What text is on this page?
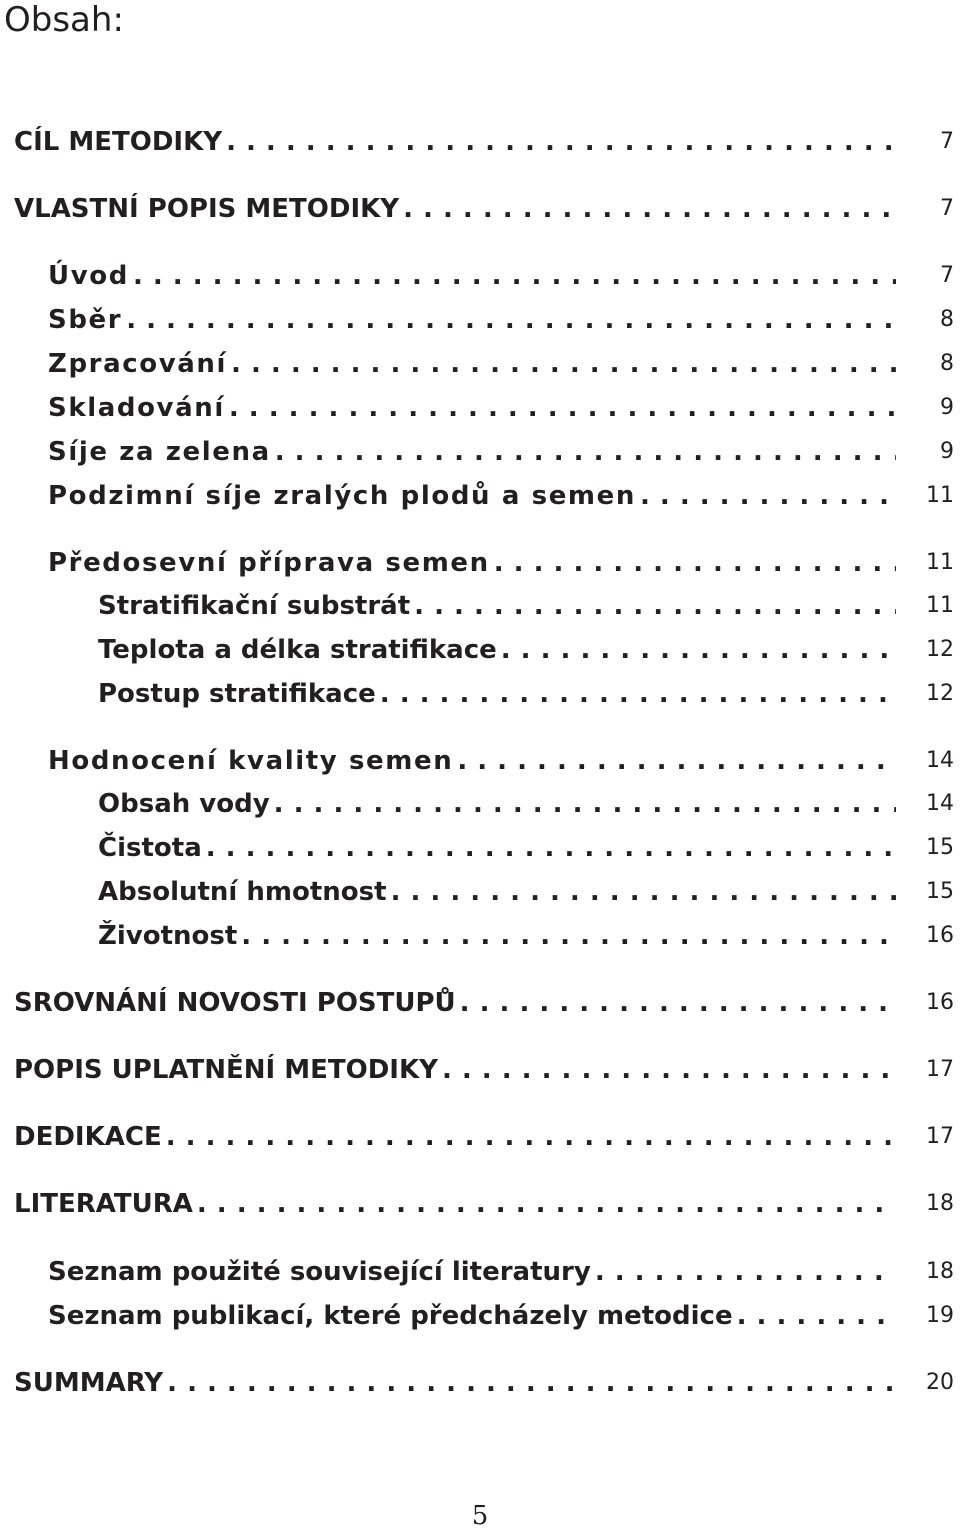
Obsah:
CÍL METODIKY . . .	7
VLASTNÍ POPIS METODIKY . . .	7
Úvod . . .	7
Sběr . . .	8
Zpracování . . .	8
Skladování . . .	9
Síje za zelena . . .	9
Podzimní síje zralých plodů a semen . . .	11
Předosevní příprava semen . . .	11
Stratifikační substrát . . .	11
Teplota a délka stratifikace . . .	12
Postup stratifikace . . .	12
Hodnocení kvality semen . . .	14
Obsah vody . . .	14
Čistota . . .	15
Absolutní hmotnost . . .	15
Životnost . . .	16
SROVNÁNÍ NOVOSTI POSTUPŮ . . .	16
POPIS UPLATNĚNÍ METODIKY . . .	17
DEDIKACE . . .	17
LITERATURA . . .	18
Seznam použité související literatury . . .	18
Seznam publikací, které předcházely metodice . . .	19
SUMMARY . . .	20
5
